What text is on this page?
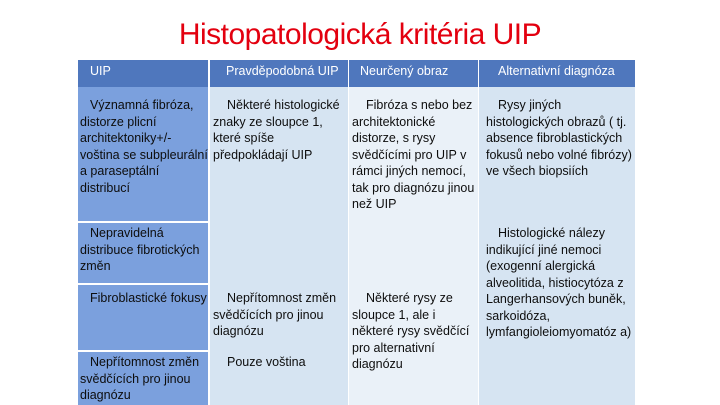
Histopatologická kritéria UIP
UIP	Pravděpodobná UIP Neurčený obraz	Alternativní diagnóza
Významná fibróza, distorze plicní architektoniky+/- voština se subpleurální a paraseptální distribucí
Nepravidelná distribuce fibrotických změn
Fibroblastické fokusy
Nepřítomnost změn svědčících pro jinou diagnózu
Některé histologické znaky ze sloupce 1, které spíše předpokládají UIP
Nepřítomnost změn svědčících pro jinou diagnózu
Pouze voština
Fibróza s nebo bez architektonické distorze, s rysy svědčícími pro UIP v rámci jiných nemocí, tak pro diagnózu jinou než UIP
Některé rysy ze sloupce 1, ale i některé rysy svědčící pro alternativní diagnózu
Rysy jiných histologických obrazů ( tj. absence fibroblastických fokusů nebo volné fibrózy) ve všech biopsiích
Histologické nálezy indikující jiné nemoci (exogenní alergická alveolitida, histiocytóza z Langerhansových buněk, sarkoidóza, lymfangioleiomyomatóz a)
